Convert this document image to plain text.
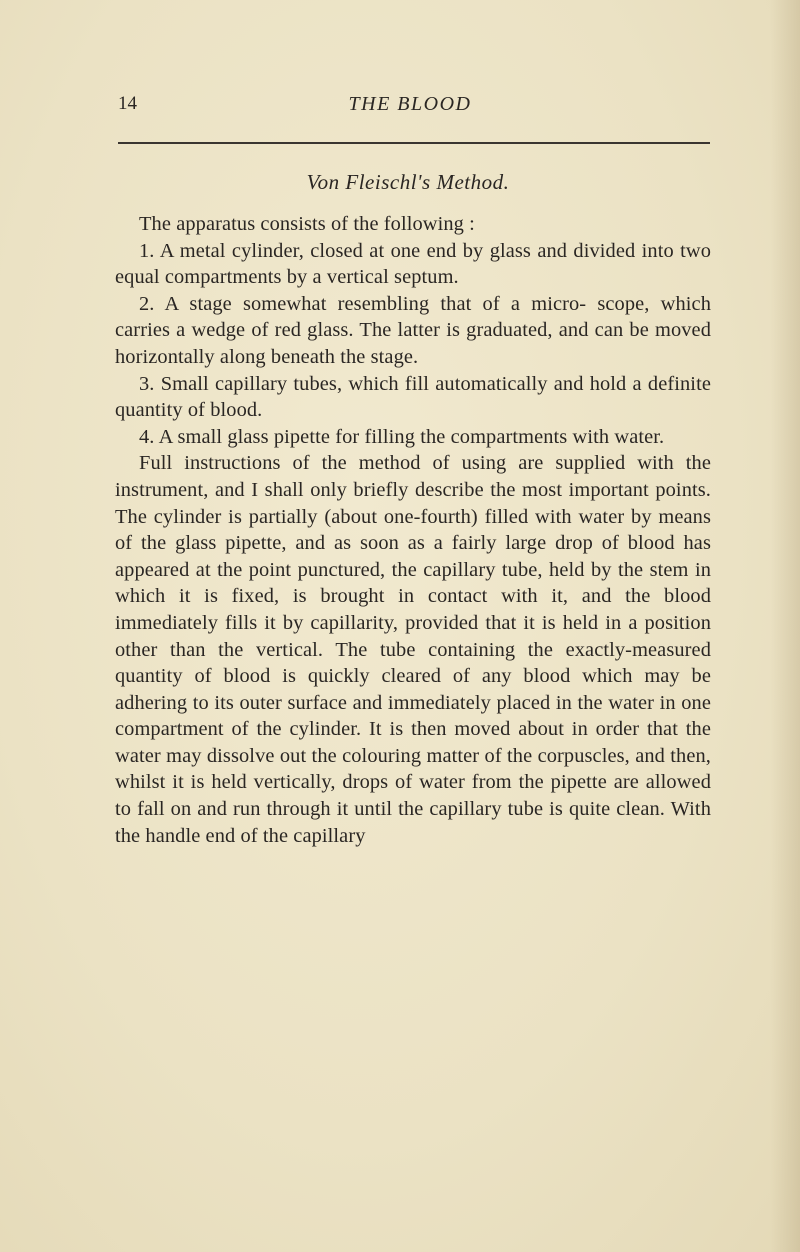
14	THE BLOOD
Von Fleischl's Method.

The apparatus consists of the following :

1. A metal cylinder, closed at one end by glass and divided into two equal compartments by a vertical septum.

2. A stage somewhat resembling that of a micro- scope, which carries a wedge of red glass. The latter is graduated, and can be moved horizontally along beneath the stage.

3. Small capillary tubes, which fill automatically and hold a definite quantity of blood.

4. A small glass pipette for filling the compartments with water.

Full instructions of the method of using are supplied with the instrument, and I shall only briefly describe the most important points. The cylinder is partially (about one-fourth) filled with water by means of the glass pipette, and as soon as a fairly large drop of blood has appeared at the point punctured, the capillary tube, held by the stem in which it is fixed, is brought in contact with it, and the blood immediately fills it by capillarity, provided that it is held in a position other than the vertical. The tube containing the exactly-measured quantity of blood is quickly cleared of any blood which may be adhering to its outer surface and immediately placed in the water in one compartment of the cylinder. It is then moved about in order that the water may dissolve out the colouring matter of the corpuscles, and then, whilst it is held vertically, drops of water from the pipette are allowed to fall on and run through it until the capillary tube is quite clean. With the handle end of the capillary
